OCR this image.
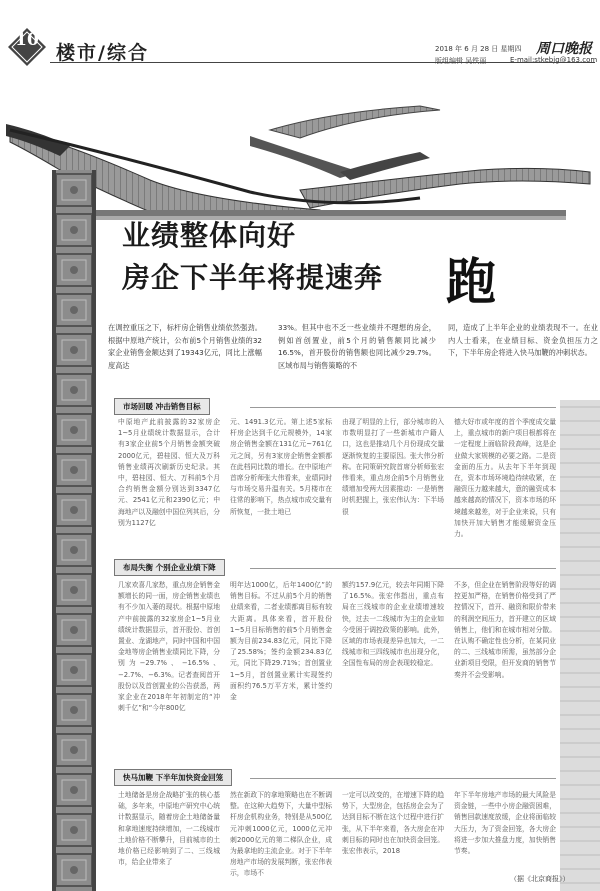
10
楼市/综合	2018 年 6 月 28 日 星期四 周口晚报
版组编辑 吴铁丽	E-mail:stkebjg@163.com
业绩整体向好
房企下半年将提速奔 跑
在调控重压之下，标杆房企销售业绩依然强劲。根据中原地产统计，公布前5个月销售业绩的32家企业销售金额达到了19343亿元，同比上涨幅度高达
33%。但其中也不乏一些业绩并不理想的房企，例如首创置业，前5个月的销售额同比减少16.5%，首开股份的销售额也同比减少29.7%。区域布局与销售策略的不
同，造成了上半年企业的业绩表现不一。在业内人士看来，在业绩目标、资金负担压力之下，下半年房企将进入快马加鞭的冲刺状态。
市场回暖 冲击销售目标
中原地产此前披露的32家房企1~5月业绩统计数据显示，合计有3家企业前5个月销售金额突破2000亿元，碧桂园、恒大及万科销售业绩再次刷新历史纪录。其中，碧桂园、恒大、万科前5个月合约销售金额分别达到3347亿元、2541亿元和2390亿元；中海地产以及融创中国位列其后，分别为1127亿
元、1491.3亿元。第上述5家标杆房企达到千亿元规模外，14家房企销售金额在131亿元~761亿元之间，另有3家房企销售金额都在此档同比数的增长。在中原地产首席分析师张大伟看来，业绩同时与市场交易升温有关。5月楼市在往常的影响下，热点城市成交量有所恢复，一批土地已
由现了明显的上行，部分城市的入市数明显打了一些新城市户籍人口，这也是推动几个月份现成交量逐渐恢复的主要原因。张大伟分析称。在同策研究院首席分析师张宏伟看来，重点房企前5个月销售业绩增加受两大因素推动：一是销售时机把握上，张宏伟认为：下半场很
德大好市或年度的首个季度成交量上，重点城市的新户项目根都将在一定程度上面临阶段高峰，这是企业做大家规模的必要之路。二是资金面的压力。从去年下半年到现在，资本市场环境趋待续收紧，在融资压力越来越大，意的融资成本越来越高的情况下，资本市场的环境越来越差，对于企业来说，只有加快开加大销售才能缓解资金压力。
布局失衡 个别企业业绩下降
几家欢喜几家愁，重点房企销售金额增长的同一面，房企销售业绩也有不少加入萎的现状。根据中原地产中前披露的32家房企1~5月业绩统计数据显示，首开股份、首创置业、龙湖地产，同时中国和中国金地等房企销售业绩同比下降，分别为−29.7%、−16.5%、−2.7%、−6.3%。记者查阅首开股份以及首创置业的公告获悉，两家企业在2018年年初制定的“冲刺千亿”和“今年800亿
明年达1000亿，后年1400亿”的销售目标。不过从前5个月的销售业绩来看，二者业绩都离目标有较大距离。具体来看，首开股份1~5月目标销售的前5个月销售金额为目前234.83亿元，同比下降了25.58%；签约金额234.83亿元，同比下降29.71%；首创置业1~5月，首创置业累计实现签约面积约76.5万平方米，累计签约金
额约157.9亿元，较去年同期下降了16.5%。张宏伟指出，重点布局在三线城市的企业业绩增速较快，过去一二线城市为主的企业如今受困于调控政策的影响。此外，区域的市场表现差异也加大，一二线城市和三四线城市也出现分化，全国性布局的房企表现较稳定。
不多，但企业在销售阶段等好的调控更加严格，在销售价格受到了严控情况下，首开、融资和限价带来的利润空间压力，首开建立的区域销售上，他们和在城市相对分散。在认购不确定性也分析，在某同业的二、三线城市所需，虽然部分企业新项目受限，但开发商的销售节奏并不会受影响。
快马加鞭 下半年加快资金回笼
土地储备是房企战略扩张的核心基础，多年来，中原地产研究中心统计数据显示，随着房企土地储备量和拿地速度持续增加，一二线城市土地价格不断攀升，目前城市的土地价格已经影响到了二、三线城市，给企业带来了
然在新政下的拿地策略也在不断调整。在这种大趋势下，大量中型标杆房企机构业务，特别是从500亿元冲刺1000亿元，1000亿元冲刺2000亿元的第二梯队企业，成为最拿地的主流企业。对于下半年房地产市场的发展判断，张宏伟表示，市场不
一定可以改变的，在增速下降的趋势下，大型房企，包括房企会为了达到目标不断在这个过程中进行扩张，从下半年来看，各大房企在冲刺目标的同时也在加快资金回笼。张宏伟表示，2018
年下半年房地产市场的最大风险是资金链，一些中小房企融资困难，销售回款速度放缓，企业将面临较大压力，为了资金回笼，各大房企将进一步加大推盘力度，加快销售节奏。
（据《北京商报》）
